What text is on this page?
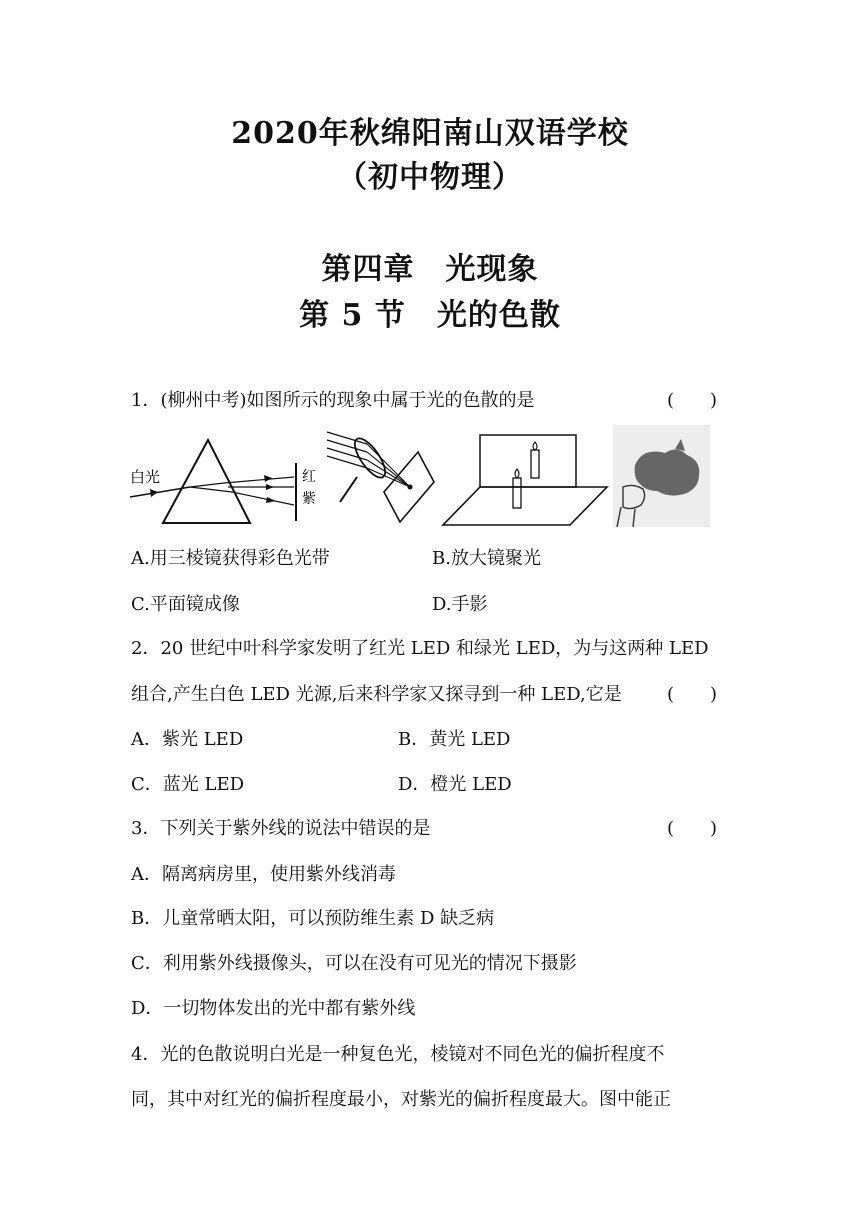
2020年秋绵阳南山双语学校
（初中物理）
第四章　光现象
第 5 节　光的色散
1．(柳州中考)如图所示的现象中属于光的色散的是	(　　)
白光	红
紫
A.用三棱镜获得彩色光带	B.放大镜聚光
C.平面镜成像	D.手影
2．20 世纪中叶科学家发明了红光 LED 和绿光 LED，为与这两种 LED
组合,产生白色 LED 光源,后来科学家又探寻到一种 LED,它是	(　　)
A．紫光 LED	B．黄光 LED
C．蓝光 LED	D．橙光 LED
3．下列关于紫外线的说法中错误的是	(　　)
A．隔离病房里，使用紫外线消毒
B．儿童常晒太阳，可以预防维生素 D 缺乏病
C．利用紫外线摄像头，可以在没有可见光的情况下摄影
D．一切物体发出的光中都有紫外线
4．光的色散说明白光是一种复色光，棱镜对不同色光的偏折程度不
同，其中对红光的偏折程度最小，对紫光的偏折程度最大。图中能正
